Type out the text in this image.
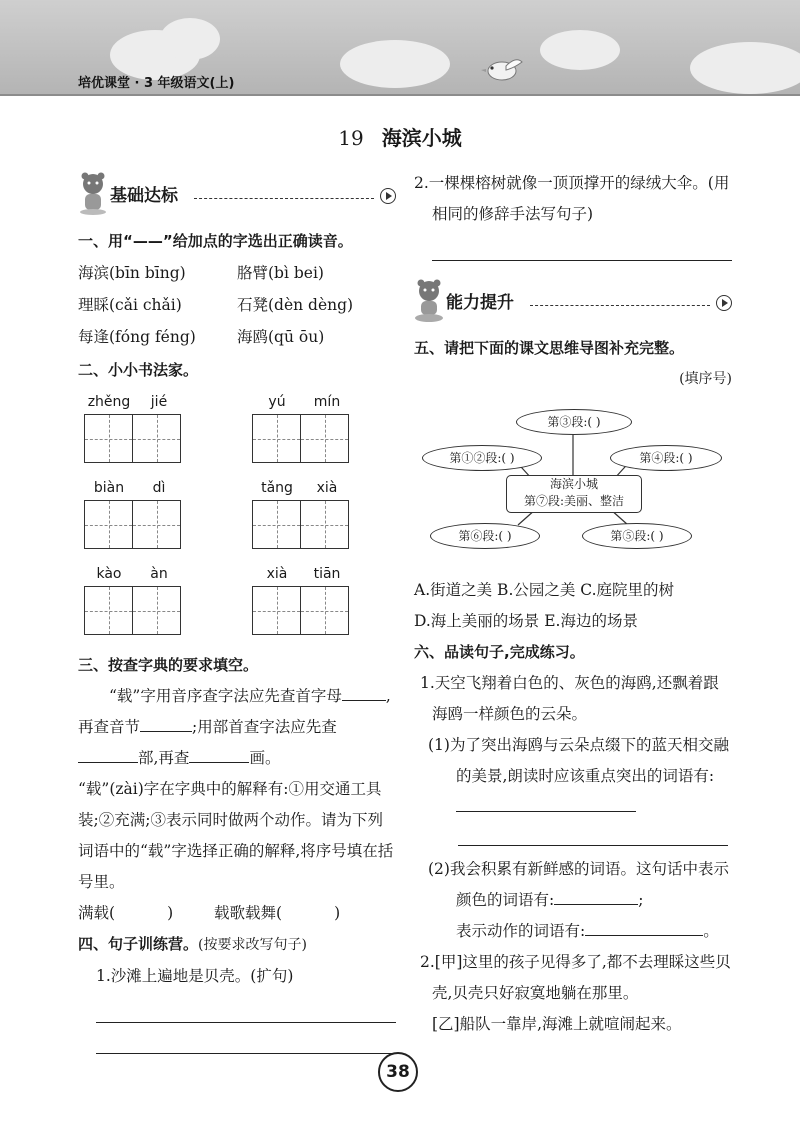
培优课堂 · 3 年级语文(上)
19 海滨小城
基础达标
一、用“——”给加点的字选出正确读音。
海滨(bīn bīng)	胳臂(bì bei)
理睬(cǎi chǎi)	石凳(dèn dèng)
每逢(fóng féng)	海鸥(qū ōu)
二、小小书法家。
zhěng	jié	yú	mín
biàn	dì	tǎng	xià
kào	àn	xià	tiān
三、按查字典的要求填空。
“载”字用音序查字法应先查首字母	,再查音节	;用部首查字法应先查部,再查	画。
“载”(zài)字在字典中的解释有:①用交通工具装;②充满;③表示同时做两个动作。请为下列词语中的“载”字选择正确的解释,将序号填在括号里。
满载(	)	载歌载舞(	)
四、句子训练营。(按要求改写句子)
1.沙滩上遍地是贝壳。(扩句)
2.一棵棵榕树就像一顶顶撑开的绿绒大伞。(用相同的修辞手法写句子)
能力提升
五、请把下面的课文思维导图补充完整。
(填序号)
第③段:( )
第①②段:( )	第④段:( )
海滨小城
第⑦段:美丽、整洁
第⑥段:( )	第⑤段:( )
A.街道之美 B.公园之美 C.庭院里的树
D.海上美丽的场景 E.海边的场景
六、品读句子,完成练习。
1.天空飞翔着白色的、灰色的海鸥,还飘着跟海鸥一样颜色的云朵。
(1)为了突出海鸥与云朵点缀下的蓝天相交融的美景,朗读时应该重点突出的词语有:
(2)我会积累有新鲜感的词语。这句话中表示颜色的词语有:	;
表示动作的词语有:	。
2.[甲]这里的孩子见得多了,都不去理睬这些贝壳,贝壳只好寂寞地躺在那里。
[乙]船队一靠岸,海滩上就喧闹起来。
38
